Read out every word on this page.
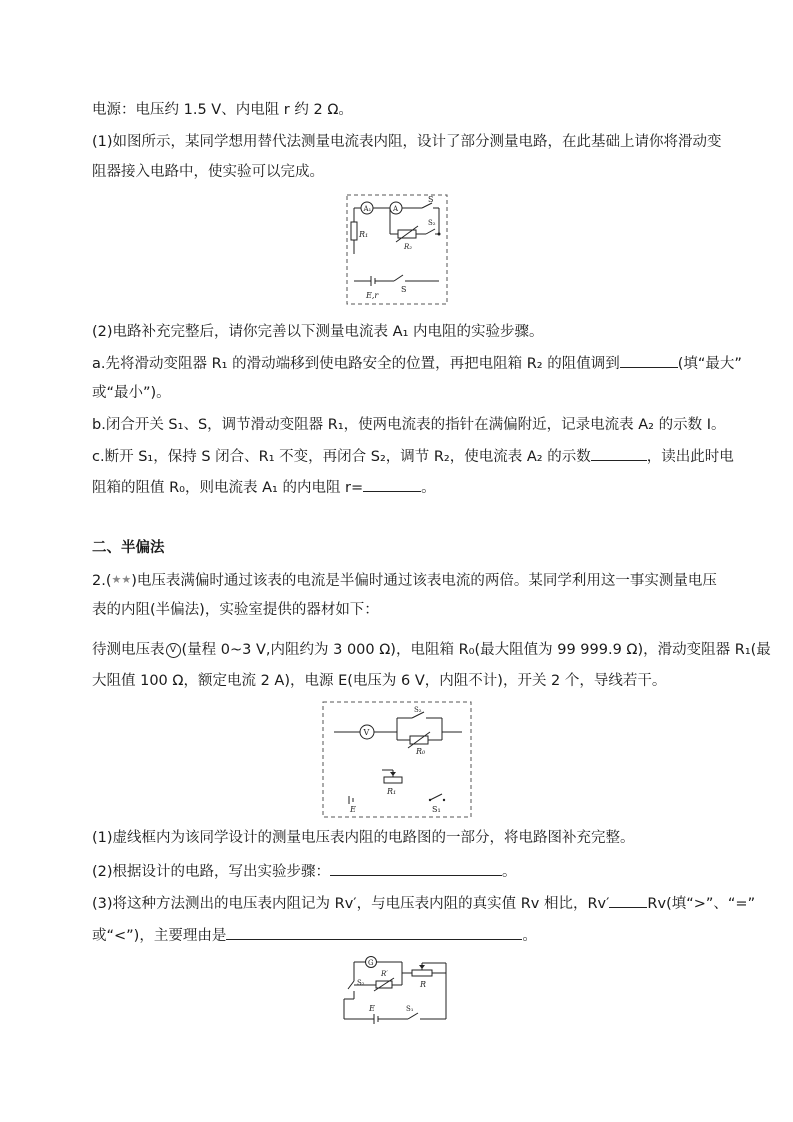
电源：电压约 1.5 V、内电阻 r 约 2 Ω。
(1)如图所示，某同学想用替代法测量电流表内阻，设计了部分测量电路，在此基础上请你将滑动变
阻器接入电路中，使实验可以完成。
A₁	A
S
R₁
R₂
S₂
E,r
S
(2)电路补充完整后，请你完善以下测量电流表 A₁ 内电阻的实验步骤。
a.先将滑动变阻器 R₁ 的滑动端移到使电路安全的位置，再把电阻箱 R₂ 的阻值调到	(填“最大”
或“最小”)。
b.闭合开关 S₁、S，调节滑动变阻器 R₁，使两电流表的指针在满偏附近，记录电流表 A₂ 的示数 I。
c.断开 S₁，保持 S 闭合、R₁ 不变，再闭合 S₂，调节 R₂，使电流表 A₂ 的示数	，读出此时电
阻箱的阻值 R₀，则电流表 A₁ 的内电阻 r=	。
二、半偏法
2.(★★)电压表满偏时通过该表的电流是半偏时通过该表电流的两倍。某同学利用这一事实测量电压
表的内阻(半偏法)，实验室提供的器材如下：
待测电压表 V (量程 0~3 V,内阻约为 3 000 Ω)，电阻箱 R₀(最大阻值为 99 999.9 Ω)，滑动变阻器 R₁(最
大阻值 100 Ω，额定电流 2 A)，电源 E(电压为 6 V，内阻不计)，开关 2 个，导线若干。
V
S₂
R₀
R₁
E	S₁
(1)虚线框内为该同学设计的测量电压表内阻的电路图的一部分，将电路图补充完整。
(2)根据设计的电路，写出实验步骤：	。
(3)将这种方法测出的电压表内阻记为 Rv′，与电压表内阻的真实值 Rv 相比，Rv′	Rv(填“>”、“=”
或“<”)，主要理由是	。
G
S₂
R′
R
E	S₁
